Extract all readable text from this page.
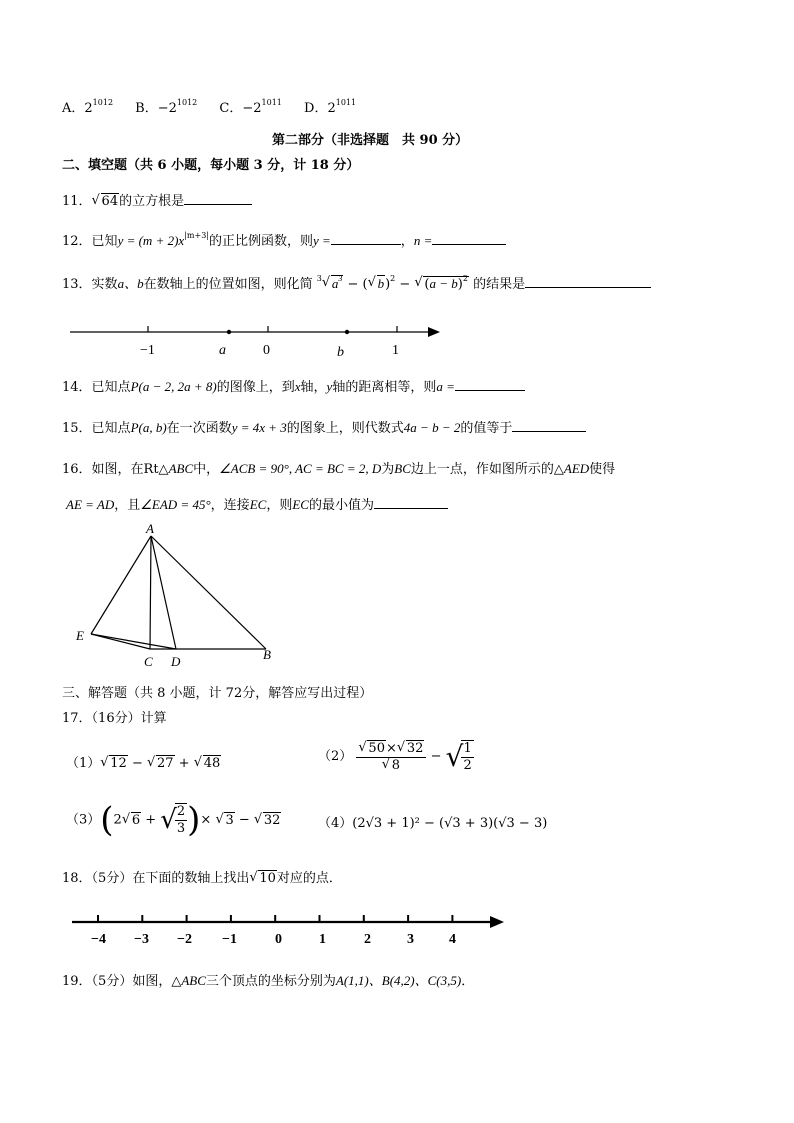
A．$2^{1012}$ B．$-2^{1012}$ C．$-2^{1011}$ D．$2^{1011}$
第二部分（非选择题　共 90 分）
二、填空题（共 6 小题，每小题 3 分，计 18 分）
11． √ 64的立方根是
12．已知$y = (m + 2)x^{|m+3|}$的正比例函数，则y =	，n =
13．实数a、b在数轴上的位置如图，则化简 $^3$ √ $a^3$ − ( √ b)$^2$ − √ $(a - b)^2$ 的结果是
−1	a	0	b	1
14．已知点P(a − 2, 2a + 8)的图像上，到x轴，y轴的距离相等，则a =
15．已知点P(a, b)在一次函数y = 4x + 3的图象上，则代数式4a − b − 2的值等于
16．如图，在Rt△ABC中，∠ACB = 90°, AC = BC = 2, D为BC边上一点，作如图所示的△AED使得
AE = AD，且∠EAD = 45°，连接EC，则EC的最小值为
A
E
C D	B
三、解答题（共 8 小题，计 72分，解答应写出过程）
17．（16分）计算
（1） √ 12 − √ 27 + √ 48	（2） √ 50× √ 32
√ 8 − √
$\frac{1}{2}$
（3）(2 √ 6 + √
$\frac{2}{3}$ )× √ 3 − √ 32	（4）(2√3 + 1)² − (√3 + 3)(√3 − 3)
18．（5分）在下面的数轴上找出 √ 10对应的点．
−4 −3 −2 −1	0	1	2	3	4
19．（5分）如图，△ABC三个顶点的坐标分别为A(1,1)、B(4,2)、C(3,5)．
